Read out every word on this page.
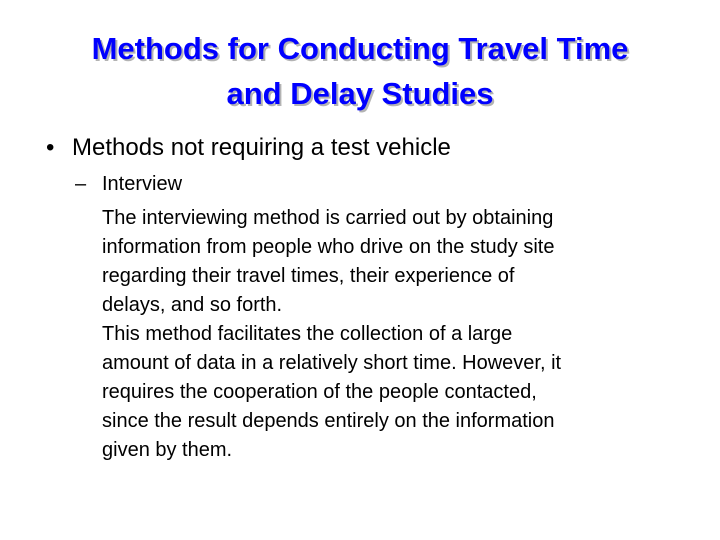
Methods for Conducting Travel Time
and Delay Studies
• Methods not requiring a test vehicle
– Interview

The interviewing method is carried out by obtaining
information from people who drive on the study site
regarding their travel times, their experience of
delays, and so forth.

This method facilitates the collection of a large
amount of data in a relatively short time. However, it
requires the cooperation of the people contacted,
since the result depends entirely on the information
given by them.
